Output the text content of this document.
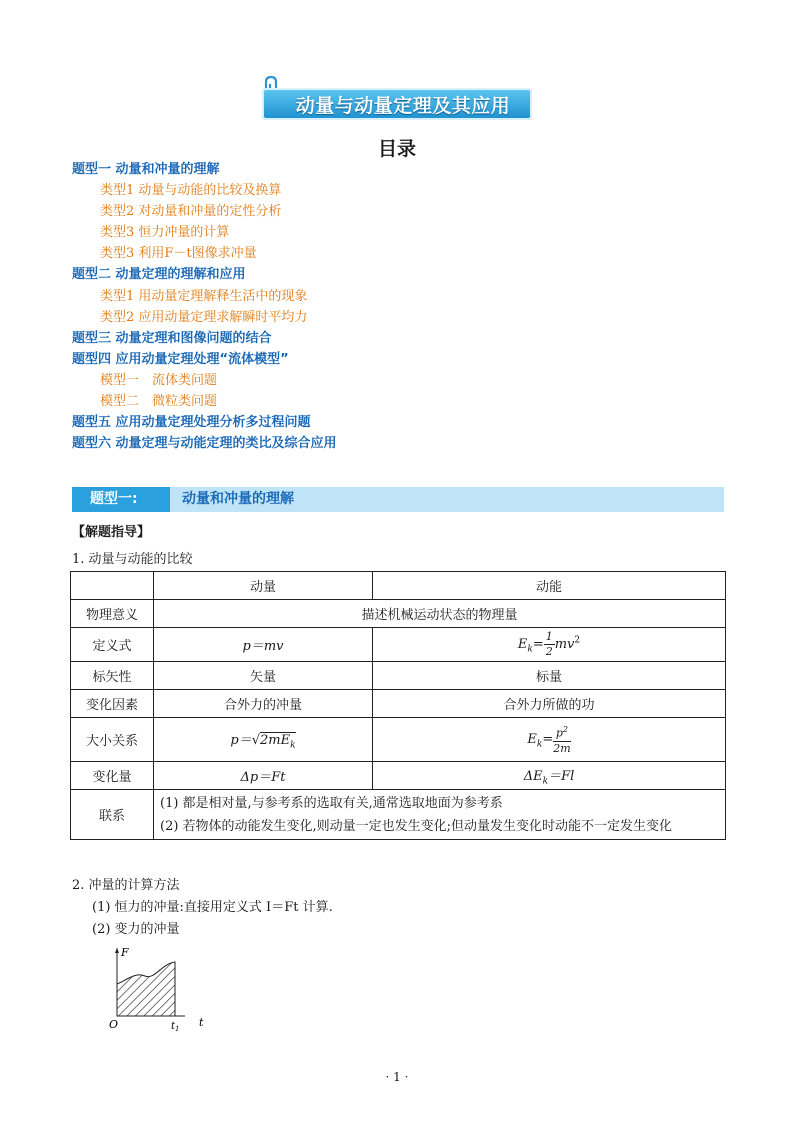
动量与动量定理及其应用
目录
题型一 动量和冲量的理解
类型1 动量与动能的比较及换算
类型2 对动量和冲量的定性分析
类型3 恒力冲量的计算
类型3 利用F－t图像求冲量
题型二 动量定理的理解和应用
类型1 用动量定理解释生活中的现象
类型2 应用动量定理求解瞬时平均力
题型三 动量定理和图像问题的结合
题型四 应用动量定理处理“流体模型”
模型一　流体类问题
模型二　微粒类问题
题型五 应用动量定理处理分析多过程问题
题型六 动量定理与动能定理的类比及综合应用
题型一:	动量和冲量的理解
【解题指导】
1. 动量与动能的比较
	动量	动能
物理意义	描述机械运动状态的物理量	
定义式	p＝mv	$E_k= \frac{1}{2} mv^2$
标矢性	矢量	标量
变化因素	合外力的冲量	合外力所做的功
大小关系	$p=√2mE_k$	$E_k= \frac{p^2}{2m}$

变化量	Δp＝Ft	$\Delta E_k=Fl$
联系	(1) 都是相对量,与参考系的选取有关,通常选取地面为参考系
(2) 若物体的动能发生变化,则动量一定也发生变化;但动量发生变化时动能不一定发生变化	
2. 冲量的计算方法
(1) 恒力的冲量:直接用定义式 I＝Ft 计算.
(2) 变力的冲量
F
O	$t_1$ t
· 1 ·
